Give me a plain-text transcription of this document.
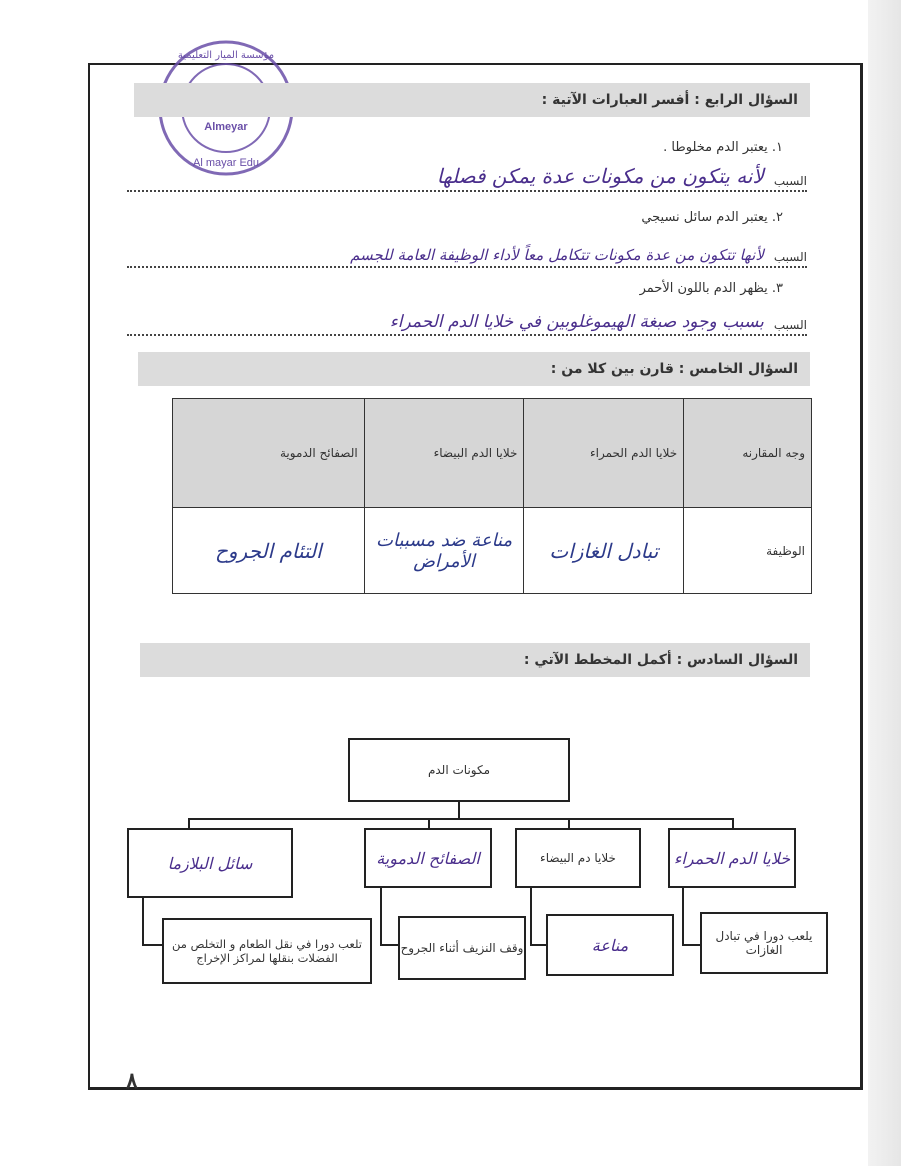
Almeyar
Al mayar Edu
مؤسسة الميار التعليمية
السؤال الرابع : أفسر العبارات الآتية :
١. يعتبر الدم مخلوطا .
السبب
لأنه يتكون من مكونات عدة يمكن فصلها
٢. يعتبر الدم سائل نسيجي
السبب
لأنها تتكون من عدة مكونات تتكامل معاً لأداء الوظيفة العامة للجسم
٣. يظهر الدم باللون الأحمر
السبب
بسبب وجود صبغة الهيموغلوبين في خلايا الدم الحمراء
السؤال الخامس : قارن بين كلا من :
وجه المقارنه	خلايا الدم الحمراء	خلايا الدم البيضاء	الصفائح الدموية
الوظيفة	تبادل الغازات	مناعة ضد مسببات الأمراض	التئام الجروح
السؤال السادس : أكمل المخطط الآتي :
مكونات الدم
خلايا الدم الحمراء
خلايا دم البيضاء
الصفائح الدموية
سائل البلازما
يلعب دورا في تبادل الغازات
مناعة
وقف النزيف أثناء الجروح
تلعب دورا في نقل الطعام و التخلص من الفضلات بنقلها لمراكز الإخراج
٨
